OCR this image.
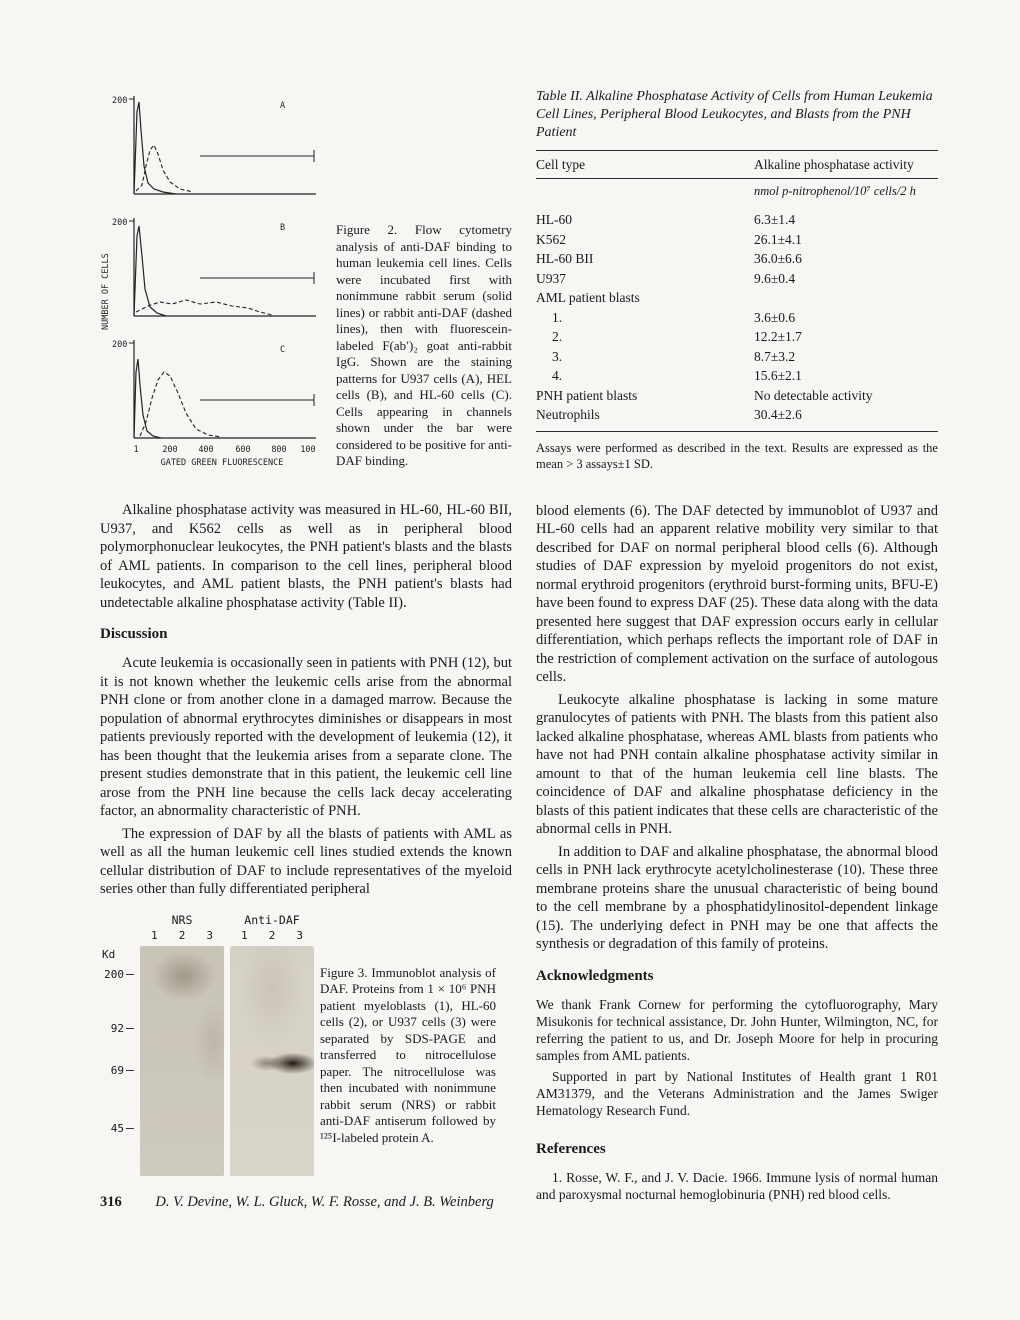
NUMBER OF CELLS
200	A
200	B
200	C
1	200 400	600 800 100
GATED GREEN FLUORESCENCE
Figure 2. Flow cytometry analysis of anti-DAF binding to human leukemia cell lines. Cells were incubated first with nonimmune rabbit serum (solid lines) or rabbit anti-DAF (dashed lines), then with fluorescein-labeled F(ab′)₂ goat anti-rabbit IgG. Shown are the staining patterns for U937 cells (A), HEL cells (B), and HL-60 cells (C). Cells appearing in channels shown under the bar were considered to be positive for anti-DAF binding.

Alkaline phosphatase activity was measured in HL-60, HL-60 BII, U937, and K562 cells as well as in peripheral blood polymorphonuclear leukocytes, the PNH patient's blasts and the blasts of AML patients. In comparison to the cell lines, peripheral blood leukocytes, and AML patient blasts, the PNH patient's blasts had undetectable alkaline phosphatase activity (Table II).

Discussion

Acute leukemia is occasionally seen in patients with PNH (12), but it is not known whether the leukemic cells arise from the abnormal PNH clone or from another clone in a damaged marrow. Because the population of abnormal erythrocytes diminishes or disappears in most patients previously reported with the development of leukemia (12), it has been thought that the leukemia arises from a separate clone. The present studies demonstrate that in this patient, the leukemic cell line arose from the PNH line because the cells lack decay accelerating factor, an abnormality characteristic of PNH.

The expression of DAF by all the blasts of patients with AML as well as all the human leukemic cell lines studied extends the known cellular distribution of DAF to include representatives of the myeloid series other than fully differentiated peripheral

NRS
1 2 3
Anti-DAF
1 2 3
Kd
200
92
69
45
Figure 3. Immunoblot analysis of DAF. Proteins from 1 × 10⁶ PNH patient myeloblasts (1), HL-60 cells (2), or U937 cells (3) were separated by SDS-PAGE and transferred to nitrocellulose paper. The nitrocellulose was then incubated with nonimmune rabbit serum (NRS) or rabbit anti-DAF antiserum followed by ¹²⁵I-labeled protein A.
316 D. V. Devine, W. L. Gluck, W. F. Rosse, and J. B. Weinberg
Table II. Alkaline Phosphatase Activity of Cells from Human Leukemia Cell Lines, Peripheral Blood Leukocytes, and Blasts from the PNH Patient
Cell type	Alkaline phosphatase activity
nmol p-nitrophenol/10⁷ cells/2 h
HL-60	6.3±1.4
K562	26.1±4.1
HL-60 BII	36.0±6.6
U937	9.6±0.4
AML patient blasts
1.	3.6±0.6
2.	12.2±1.7
3.	8.7±3.2
4.	15.6±2.1
PNH patient blasts	No detectable activity
Neutrophils	30.4±2.6
Assays were performed as described in the text. Results are expressed as the mean > 3 assays±1 SD.

blood elements (6). The DAF detected by immunoblot of U937 and HL-60 cells had an apparent relative mobility very similar to that described for DAF on normal peripheral blood cells (6). Although studies of DAF expression by myeloid progenitors do not exist, normal erythroid progenitors (erythroid burst-forming units, BFU-E) have been found to express DAF (25). These data along with the data presented here suggest that DAF expression occurs early in cellular differentiation, which perhaps reflects the important role of DAF in the restriction of complement activation on the surface of autologous cells.

Leukocyte alkaline phosphatase is lacking in some mature granulocytes of patients with PNH. The blasts from this patient also lacked alkaline phosphatase, whereas AML blasts from patients who have not had PNH contain alkaline phosphatase activity similar in amount to that of the human leukemia cell line blasts. The coincidence of DAF and alkaline phosphatase deficiency in the blasts of this patient indicates that these cells are characteristic of the abnormal cells in PNH.

In addition to DAF and alkaline phosphatase, the abnormal blood cells in PNH lack erythrocyte acetylcholinesterase (10). These three membrane proteins share the unusual characteristic of being bound to the cell membrane by a phosphatidylinositol-dependent linkage (15). The underlying defect in PNH may be one that affects the synthesis or degradation of this family of proteins.

Acknowledgments

We thank Frank Cornew for performing the cytofluorography, Mary Misukonis for technical assistance, Dr. John Hunter, Wilmington, NC, for referring the patient to us, and Dr. Joseph Moore for help in procuring samples from AML patients.

Supported in part by National Institutes of Health grant 1 R01 AM31379, and the Veterans Administration and the James Swiger Hematology Research Fund.

References

1. Rosse, W. F., and J. V. Dacie. 1966. Immune lysis of normal human and paroxysmal nocturnal hemoglobinuria (PNH) red blood cells.
